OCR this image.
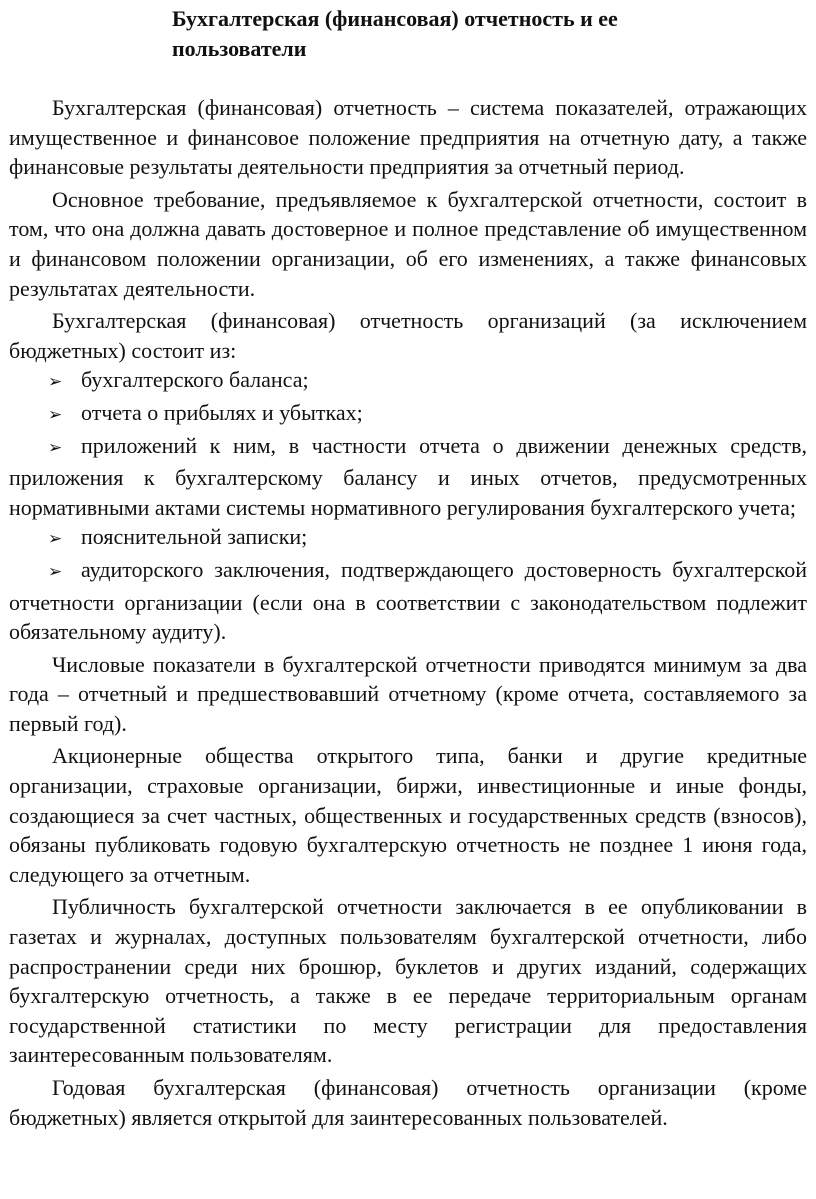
Бухгалтерская (финансовая) отчетность и ее пользователи

Бухгалтерская (финансовая) отчетность – система показателей, отражающих имущественное и финансовое положение предприятия на отчетную дату, а также финансовые результаты деятельности предприятия за отчетный период.

Основное требование, предъявляемое к бухгалтерской отчетности, состоит в том, что она должна давать достоверное и полное представление об имущественном и финансовом положении организации, об его изменениях, а также финансовых результатах деятельности.

Бухгалтерская (финансовая) отчетность организаций (за исключением бюджетных) состоит из:

➢ бухгалтерского баланса;

➢ отчета о прибылях и убытках;

➢ приложений к ним, в частности отчета о движении денежных средств, приложения к бухгалтерскому балансу и иных отчетов, предусмотренных нормативными актами системы нормативного регулирования бухгалтерского учета;

➢ пояснительной записки;

➢ аудиторского заключения, подтверждающего достоверность бухгалтерской отчетности организации (если она в соответствии с законодательством подлежит обязательному аудиту).

Числовые показатели в бухгалтерской отчетности приводятся минимум за два года – отчетный и предшествовавший отчетному (кроме отчета, составляемого за первый год).

Акционерные общества открытого типа, банки и другие кредитные организации, страховые организации, биржи, инвестиционные и иные фонды, создающиеся за счет частных, общественных и государственных средств (взносов), обязаны публиковать годовую бухгалтерскую отчетность не позднее 1 июня года, следующего за отчетным.

Публичность бухгалтерской отчетности заключается в ее опубликовании в газетах и журналах, доступных пользователям бухгалтерской отчетности, либо распространении среди них брошюр, буклетов и других изданий, содержащих бухгалтерскую отчетность, а также в ее передаче территориальным органам государственной статистики по месту регистрации для предоставления заинтересованным пользователям.

Годовая бухгалтерская (финансовая) отчетность организации (кроме бюджетных) является открытой для заинтересованных пользователей.
